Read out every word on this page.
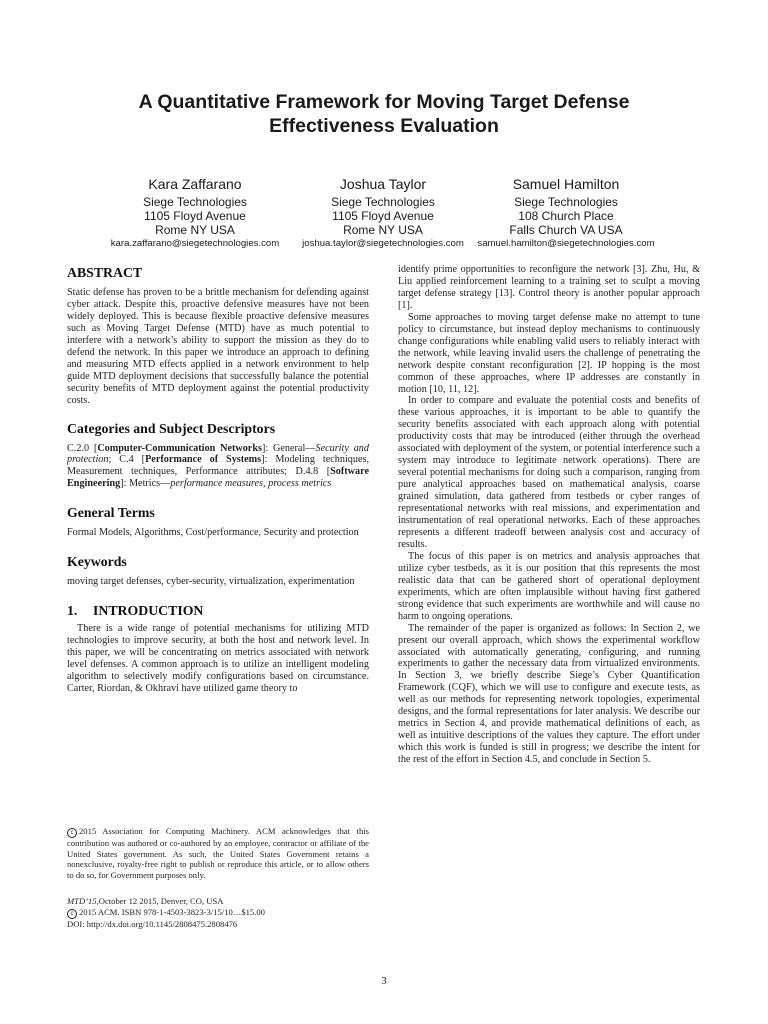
A Quantitative Framework for Moving Target Defense
Effectiveness Evaluation
Kara Zaffarano
Siege Technologies
1105 Floyd Avenue
Rome NY USA
kara.zaffarano@siegetechnologies.com
Joshua Taylor
Siege Technologies
1105 Floyd Avenue
Rome NY USA
joshua.taylor@siegetechnologies.com
Samuel Hamilton
Siege Technologies
108 Church Place
Falls Church VA USA
samuel.hamilton@siegetechnologies.com
ABSTRACT

Static defense has proven to be a brittle mechanism for defending against cyber attack. Despite this, proactive defensive measures have not been widely deployed. This is because flexible proactive defensive measures such as Moving Target Defense (MTD) have as much potential to interfere with a network’s ability to support the mission as they do to defend the network. In this paper we introduce an approach to defining and measuring MTD effects applied in a network environment to help guide MTD deployment decisions that successfully balance the potential security benefits of MTD deployment against the potential productivity costs.

Categories and Subject Descriptors

C.2.0 [Computer-Communication Networks]: General—Security and protection; C.4 [Performance of Systems]: Modeling techniques, Measurement techniques, Performance attributes; D.4.8 [Software Engineering]: Metrics—performance measures, process metrics

General Terms

Formal Models, Algorithms, Cost/performance, Security and protection

Keywords

moving target defenses, cyber-security, virtualization, experimentation

1. INTRODUCTION

There is a wide range of potential mechanisms for utilizing MTD technologies to improve security, at both the host and network level. In this paper, we will be concentrating on metrics associated with network level defenses. A common approach is to utilize an intelligent modeling algorithm to selectively modify configurations based on circumstance. Carter, Riordan, & Okhravi have utilized game theory to

c 2015 Association for Computing Machinery. ACM acknowledges that this contribution was authored or co-authored by an employee, contractor or affiliate of the United States government. As such, the United States Government retains a nonexclusive, royalty-free right to publish or reproduce this article, or to allow others to do so, for Government purposes only.
MTD’15,October 12 2015, Denver, CO, USA
c 2015 ACM. ISBN 978-1-4503-3823-3/15/10…$15.00
DOI: http://dx.doi.org/10.1145/2808475.2808476

identify prime opportunities to reconfigure the network [3]. Zhu, Hu, & Liu applied reinforcement learning to a training set to sculpt a moving target defense strategy [13]. Control theory is another popular approach [1].

Some approaches to moving target defense make no attempt to tune policy to circumstance, but instead deploy mechanisms to continuously change configurations while enabling valid users to reliably interact with the network, while leaving invalid users the challenge of penetrating the network despite constant reconfiguration [2]. IP hopping is the most common of these approaches, where IP addresses are constantly in motion [10, 11, 12].

In order to compare and evaluate the potential costs and benefits of these various approaches, it is important to be able to quantify the security benefits associated with each approach along with potential productivity costs that may be introduced (either through the overhead associated with deployment of the system, or potential interference such a system may introduce to legitimate network operations). There are several potential mechanisms for doing such a comparison, ranging from pure analytical approaches based on mathematical analysis, coarse grained simulation, data gathered from testbeds or cyber ranges of representational networks with real missions, and experimentation and instrumentation of real operational networks. Each of these approaches represents a different tradeoff between analysis cost and accuracy of results.

The focus of this paper is on metrics and analysis approaches that utilize cyber testbeds, as it is our position that this represents the most realistic data that can be gathered short of operational deployment experiments, which are often implausible without having first gathered strong evidence that such experiments are worthwhile and will cause no harm to ongoing operations.

The remainder of the paper is organized as follows: In Section 2, we present our overall approach, which shows the experimental workflow associated with automatically generating, configuring, and running experiments to gather the necessary data from virtualized environments. In Section 3, we briefly describe Siege’s Cyber Quantification Framework (CQF), which we will use to configure and execute tests, as well as our methods for representing network topologies, experimental designs, and the formal representations for later analysis. We describe our metrics in Section 4, and provide mathematical definitions of each, as well as intuitive descriptions of the values they capture. The effort under which this work is funded is still in progress; we describe the intent for the rest of the effort in Section 4.5, and conclude in Section 5.

3
